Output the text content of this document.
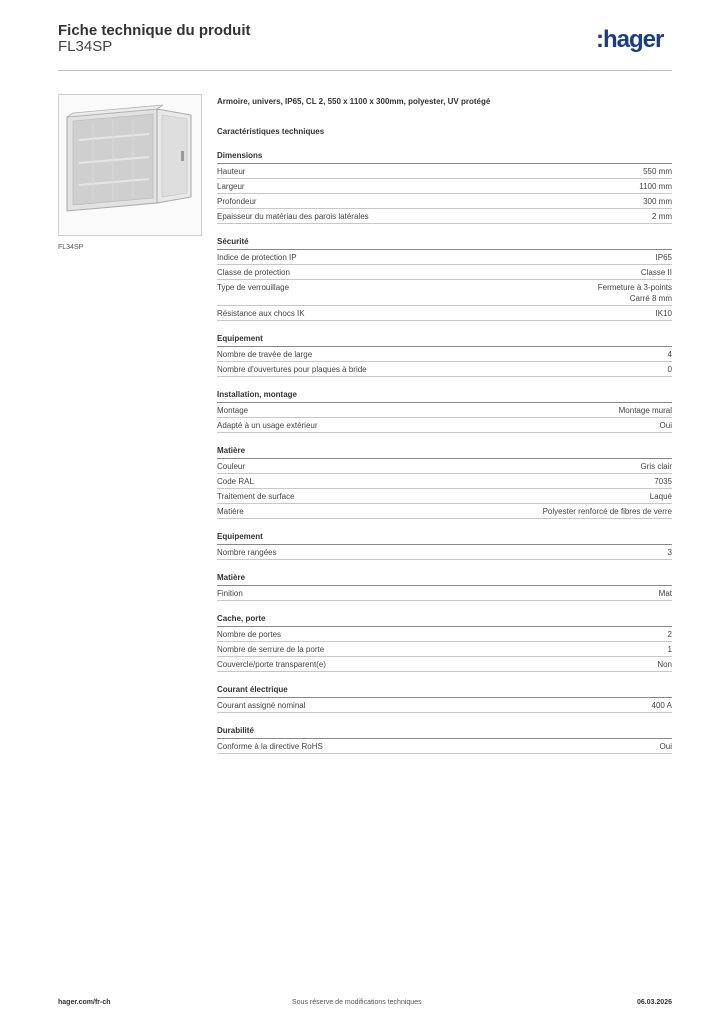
Fiche technique du produit
FL34SP	:hager
FL34SP

Armoire, univers, IP65, CL 2, 550 x 1100 x 300mm, polyester, UV protégé

Caractéristiques techniques

Dimensions
Hauteur	550 mm
Largeur	1100 mm
Profondeur	300 mm
Epaisseur du matériau des parois latérales	2 mm
Sécurité
Indice de protection IP	IP65
Classe de protection	Classe II
Type de verrouillage	Fermeture à 3-points
Carré 8 mm
Résistance aux chocs IK	IK10
Equipement
Nombre de travée de large	4
Nombre d'ouvertures pour plaques à bride	0
Installation, montage
Montage	Montage mural
Adapté à un usage extérieur	Oui
Matière
Couleur	Gris clair
Code RAL	7035
Traitement de surface	Laqué
Matière	Polyester renforcé de fibres de verre
Equipement
Nombre rangées	3
Matière
Finition	Mat
Cache, porte
Nombre de portes	2
Nombre de serrure de la porte	1
Couvercle/porte transparent(e)	Non
Courant électrique
Courant assigné nominal	400 A
Durabilité
Conforme à la directive RoHS	Oui
hager.com/fr-ch	Sous réserve de modifications techniques	06.03.2026
